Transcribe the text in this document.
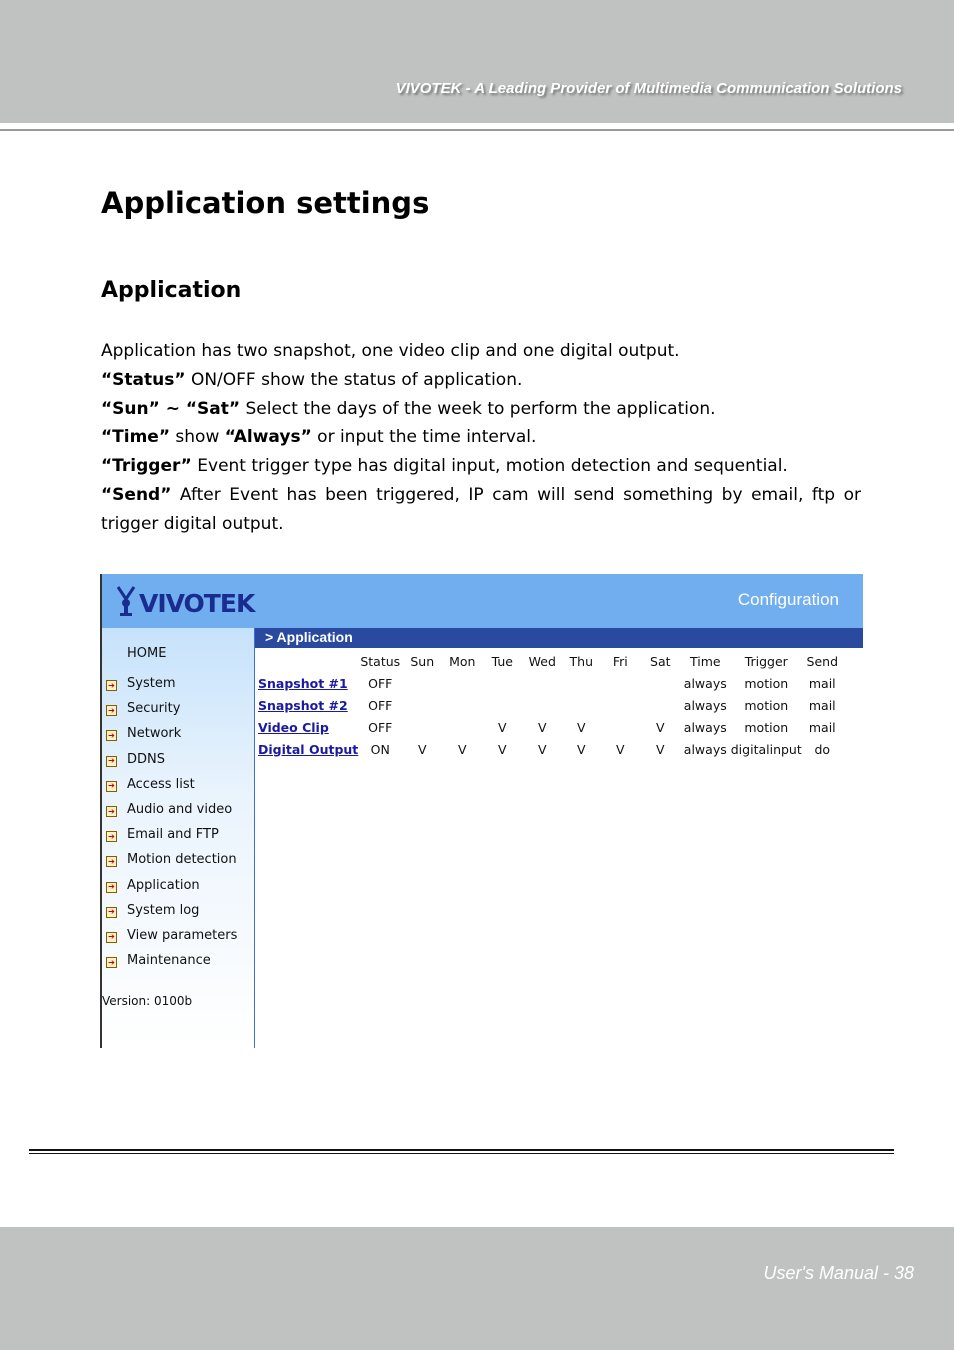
VIVOTEK - A Leading Provider of Multimedia Communication Solutions
Application settings
Application

Application has two snapshot, one video clip and one digital output.

“Status” ON/OFF show the status of application.

“Sun” ~ “Sat” Select the days of the week to perform the application.

“Time” show “Always” or input the time interval.

“Trigger” Event trigger type has digital input, motion detection and sequential.

“Send” After Event has been triggered, IP cam will send something by email, ftp or

trigger digital output.

VIVOTEK	Configuration
HOME
➔ System
➔ Security
➔ Network
➔ DDNS
➔ Access list
➔ Audio and video
➔ Email and FTP
➔ Motion detection
➔ Application
➔ System log
➔ View parameters
➔ Maintenance
Version: 0100b
> Application
	Status	Sun	Mon	Tue	Wed	Thu	Fri	Sat	Time	Trigger	Send
Snapshot #1	OFF								always	motion	mail
Snapshot #2	OFF								always	motion	mail
Video Clip	OFF			V	V	V		V	always	motion	mail
Digital Output	ON	V	V	V	V	V	V	V	always	digitalinput	do
User's Manual - 38
